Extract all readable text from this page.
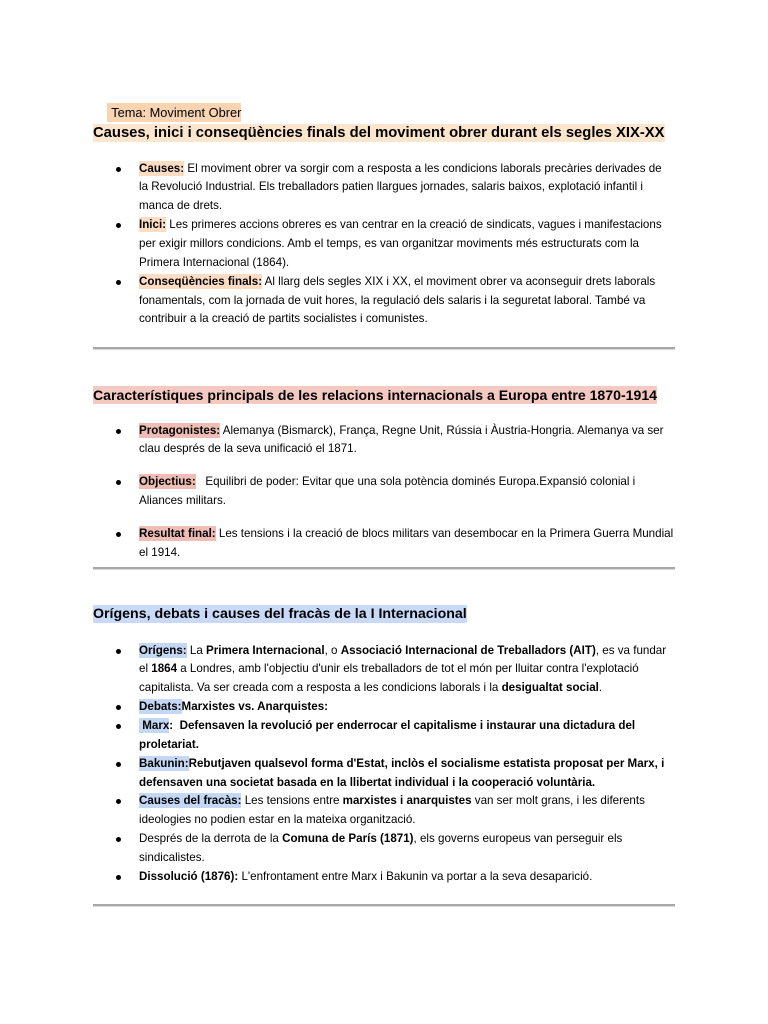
Tema: Moviment Obrer

Causes, inici i conseqüències finals del moviment obrer durant els segles XIX-XX
Causes: El moviment obrer va sorgir com a resposta a les condicions laborals precàries derivades de
la Revolució Industrial. Els treballadors patien llargues jornades, salaris baixos, explotació infantil i
manca de drets.
Inici: Les primeres accions obreres es van centrar en la creació de sindicats, vagues i manifestacions
per exigir millors condicions. Amb el temps, es van organitzar moviments més estructurats com la
Primera Internacional (1864).
Conseqüències finals: Al llarg dels segles XIX i XX, el moviment obrer va aconseguir drets laborals
fonamentals, com la jornada de vuit hores, la regulació dels salaris i la seguretat laboral. També va
contribuir a la creació de partits socialistes i comunistes.
Característiques principals de les relacions internacionals a Europa entre 1870-1914
Protagonistes: Alemanya (Bismarck), França, Regne Unit, Rússia i Àustria-Hongria. Alemanya va ser
clau després de la seva unificació el 1871.
Objectius:   Equilibri de poder: Evitar que una sola potència dominés Europa.Expansió colonial i
Aliances militars.
Resultat final: Les tensions i la creació de blocs militars van desembocar en la Primera Guerra Mundial
el 1914.
Orígens, debats i causes del fracàs de la I Internacional
Orígens: La Primera Internacional, o Associació Internacional de Treballadors (AIT), es va fundar
el 1864 a Londres, amb l'objectiu d'unir els treballadors de tot el món per lluitar contra l'explotació
capitalista. Va ser creada com a resposta a les condicions laborals i la desigualtat social.
Debats:Marxistes vs. Anarquistes:
Marx:  Defensaven la revolució per enderrocar el capitalisme i instaurar una dictadura del
proletariat.
Bakunin:Rebutjaven qualsevol forma d'Estat, inclòs el socialisme estatista proposat per Marx, i
defensaven una societat basada en la llibertat individual i la cooperació voluntària.
Causes del fracàs: Les tensions entre marxistes i anarquistes van ser molt grans, i les diferents
ideologies no podien estar en la mateixa organització.
Després de la derrota de la Comuna de París (1871), els governs europeus van perseguir els
sindicalistes.
Dissolució (1876): L'enfrontament entre Marx i Bakunin va portar a la seva desaparició.
